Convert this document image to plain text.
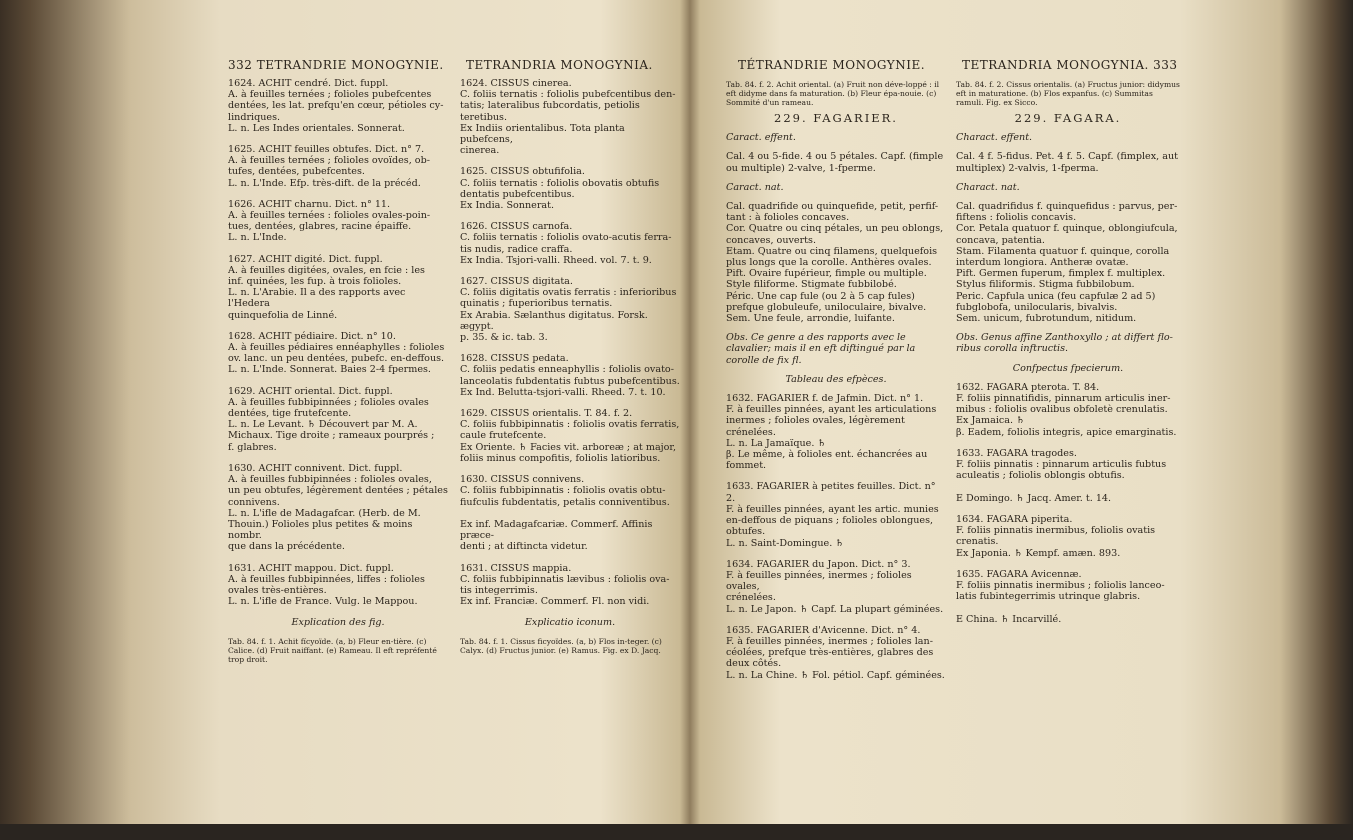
332 TETRANDRIE MONOGYNIE. TETRANDRIA MONOGYNIA.
1624. ACHIT cendré. Dict. fuppl.
A. à feuilles ternées ; folioles pubefcentes
dentées, les lat. prefqu'en cœur, pétioles cy-
lindriques.
L. n. Les Indes orientales. Sonnerat.
1625. ACHIT feuilles obtufes. Dict. n° 7.
A. à feuilles ternées ; folioles ovoïdes, ob-
tufes, dentées, pubefcentes.
L. n. L'Inde. Efp. très-dift. de la précéd.
1626. ACHIT charnu. Dict. n° 11.
A. à feuilles ternées : folioles ovales-poin-
tues, dentées, glabres, racine épaiffe.
L. n. L'Inde.
1627. ACHIT digité. Dict. fuppl.
A. à feuilles digitées, ovales, en fcie : les
inf. quinées, les fup. à trois folioles.
L. n. L'Arabie. Il a des rapports avec l'Hedera
quinquefolia de Linné.
1628. ACHIT pédiaire. Dict. n° 10.
A. à feuilles pédiaires ennéaphylles : folioles
ov. lanc. un peu dentées, pubefc. en-deffous.
L. n. L'Inde. Sonnerat. Baies 2-4 fpermes.
1629. ACHIT oriental. Dict. fuppl.
A. à feuilles fubbipinnées ; folioles ovales
dentées, tige frutefcente.
L. n. Le Levant. ♄ Découvert par M. A.
Michaux. Tige droite ; rameaux pourprés ;
f. glabres.
1630. ACHIT connivent. Dict. fuppl.
A. à feuilles fubbipinnées : folioles ovales,
un peu obtufes, légèrement dentées ; pétales
connivens.
L. n. L'ifle de Madagafcar. (Herb. de M.
Thouin.) Folioles plus petites & moins nombr.
que dans la précédente.
1631. ACHIT mappou. Dict. fuppl.
A. à feuilles fubbipinnées, liffes : folioles
ovales très-entières.
L. n. L'ifle de France. Vulg. le Mappou.
Explication des fig.
Tab. 84. f. 1. Achit fícyoïde. (a, b) Fleur en-tière. (c) Calice. (d) Fruit naiffant. (e) Rameau. Il eft repréfenté trop droit.
1624. CISSUS cinerea.
C. foliis ternatis : foliolis pubefcentibus den-
tatis; lateralibus fubcordatis, petiolis teretibus.
Ex Indiis orientalibus. Tota planta pubefcens,
cinerea.
1625. CISSUS obtufifolia.
C. foliis ternatis : foliolis obovatis obtufis
dentatis pubefcentibus.
Ex India. Sonnerat.
1626. CISSUS carnofa.
C. foliis ternatis : foliolis ovato-acutis ferra-
tis nudis, radice craffa.
Ex India. Tsjori-valli. Rheed. vol. 7. t. 9.
1627. CISSUS digitata.
C. foliis digitatis ovatis ferratis : inferioribus
quinatis ; fuperioribus ternatis.
Ex Arabia. Sælanthus digitatus. Forsk. ægypt.
p. 35. & ic. tab. 3.
1628. CISSUS pedata.
C. foliis pedatis enneaphyllis : foliolis ovato-
lanceolatis fubdentatis fubtus pubefcentibus.
Ex Ind. Belutta-tsjori-valli. Rheed. 7. t. 10.
1629. CISSUS orientalis. T. 84. f. 2.
C. foliis fubbipinnatis : foliolis ovatis ferratis,
caule frutefcente.
Ex Oriente. ♄ Facies vit. arboreæ ; at major,
foliis minus compofitis, foliolis latioribus.
1630. CISSUS connivens.
C. foliis fubbipinnatis : foliolis ovatis obtu-
fiufculis fubdentatis, petalis conniventibus.

Ex inf. Madagafcariæ. Commerf. Affinis præce-
denti ; at diftincta videtur.
1631. CISSUS mappia.
C. foliis fubbipinnatis lævibus : foliolis ova-
tis integerrimis.
Ex inf. Franciæ. Commerf. Fl. non vidi.
Explicatio iconum.
Tab. 84. f. 1. Cissus ficyoïdes. (a, b) Flos in-teger. (c) Calyx. (d) Fructus junior. (e) Ramus. Fig. ex D. Jacq.
TÉTRANDRIE MONOGYNIE.	TETRANDRIA MONOGYNIA. 333
Tab. 84. f. 2. Achit oriental. (a) Fruit non déve-loppé : il eft didyme dans fa maturation. (b) Fleur épa-nouie. (c) Sommité d'un rameau.
229. FAGARIER.
Caract. effent.
Cal. 4 ou 5-fide. 4 ou 5 pétales. Capf. (fimple ou multiple) 2-valve, 1-fperme.
Caract. nat.
Cal. quadrifide ou quinquefide, petit, perfif-tant : à folioles concaves.
Cor. Quatre ou cinq pétales, un peu oblongs, concaves, ouverts.
Etam. Quatre ou cinq filamens, quelquefois plus longs que la corolle. Anthères ovales.
Pift. Ovaire fupérieur, fimple ou multiple. Style filiforme. Stigmate fubbilobé.
Péric. Une cap fule (ou 2 à 5 cap fules) prefque globuleufe, uniloculaire, bivalve.
Sem. Une feule, arrondie, luifante.
Obs. Ce genre a des rapports avec le clavalier; mais il en eft diftingué par la corolle de fix fl.
Tableau des efpèces.
1632. FAGARIER f. de Jafmin. Dict. n° 1.
F. à feuilles pinnées, ayant les articulations
inermes ; folioles ovales, légèrement crénelées.
L. n. La Jamaïque. ♄
β. Le même, à folioles ent. échancrées au fommet.
1633. FAGARIER à petites feuilles. Dict. n° 2.
F. à feuilles pinnées, ayant les artic. munies
en-deffous de piquans ; folioles oblongues,
obtufes.
L. n. Saint-Domingue. ♄
1634. FAGARIER du Japon. Dict. n° 3.
F. à feuilles pinnées, inermes ; folioles ovales,
crénelées.
L. n. Le Japon. ♄ Capf. La plupart géminées.
1635. FAGARIER d'Avicenne. Dict. n° 4.
F. à feuilles pinnées, inermes ; folioles lan-
céolées, prefque très-entières, glabres des
deux côtés.
L. n. La Chine. ♄ Fol. pétiol. Capf. géminées.
Tab. 84. f. 2. Cissus orientalis. (a) Fructus junior: didymus eft in maturatione. (b) Flos expanfus. (c) Summitas ramuli. Fig. ex Sicco.
229. FAGARA.
Charact. effent.
Cal. 4 f. 5-fidus. Pet. 4 f. 5. Capf. (fimplex, aut multiplex) 2-valvis, 1-fperma.
Charact. nat.
Cal. quadrifidus f. quinquefidus : parvus, per-fiftens : foliolis concavis.
Cor. Petala quatuor f. quinque, oblongiufcula, concava, patentia.
Stam. Filamenta quatuor f. quinque, corolla interdum longiora. Antheræ ovatæ.
Pift. Germen fuperum, fimplex f. multiplex. Stylus filiformis. Stigma fubbilobum.
Peric. Capfula unica (feu capfulæ 2 ad 5) fubglobofa, unilocularis, bivalvis.
Sem. unicum, fubrotundum, nitidum.
Obs. Genus affine Zanthoxyllo ; at differt flo-ribus corolla inftructis.
Confpectus fpecierum.
1632. FAGARA pterota. T. 84.
F. foliis pinnatifidis, pinnarum articulis iner-
mibus : foliolis ovalibus obfoletè crenulatis.
Ex Jamaica. ♄
β. Eadem, foliolis integris, apice emarginatis.
1633. FAGARA tragodes.
F. foliis pinnatis : pinnarum articulis fubtus
aculeatis ; foliolis oblongis obtufis.

E Domingo. ♄ Jacq. Amer. t. 14.
1634. FAGARA piperita.
F. foliis pinnatis inermibus, foliolis ovatis
crenatis.
Ex Japonia. ♄ Kempf. amæn. 893.
1635. FAGARA Avicennæ.
F. foliis pinnatis inermibus ; foliolis lanceo-
latis fubintegerrimis utrinque glabris.

E China. ♄ Incarvillé.
